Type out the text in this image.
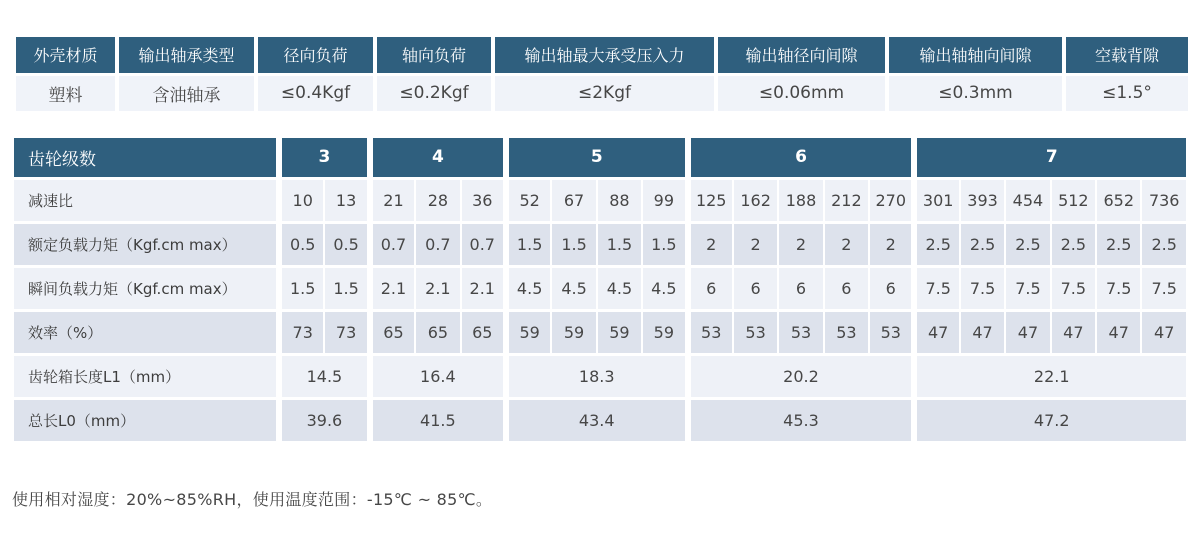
外壳材质	输出轴承类型	径向负荷	轴向负荷	输出轴最大承受压入力	输出轴径向间隙	输出轴轴向间隙	空载背隙
塑料	含油轴承	≤0.4Kgf	≤0.2Kgf	≤2Kgf	≤0.06mm	≤0.3mm	≤1.5°
齿轮级数	3		4			5				6					7					
减速比	10	13	21	28	36	52	67	88	99	125	162	188	212	270	301	393	454	512	652	736
额定负载力矩（Kgf.cm max）	0.5	0.5	0.7	0.7	0.7	1.5	1.5	1.5	1.5	2	2	2	2	2	2.5	2.5	2.5	2.5	2.5	2.5
瞬间负载力矩（Kgf.cm max）	1.5	1.5	2.1	2.1	2.1	4.5	4.5	4.5	4.5	6	6	6	6	6	7.5	7.5	7.5	7.5	7.5	7.5
效率（%）	73	73	65	65	65	59	59	59	59	53	53	53	53	53	47	47	47	47	47	47
齿轮箱长度L1（mm）	14.5		16.4			18.3				20.2					22.1					
总长L0（mm）	39.6		41.5			43.4				45.3					47.2					

使用相对湿度：20%~85%RH，使用温度范围：-15℃ ~ 85℃。
